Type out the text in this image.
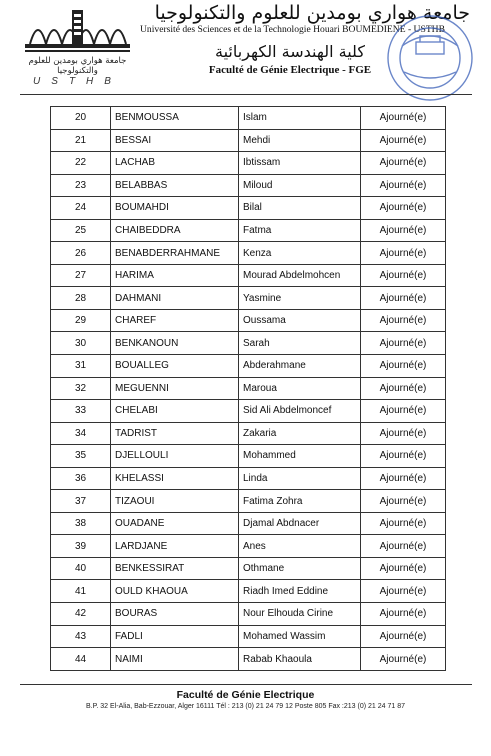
جامعة هواري بومدين للعلوم والتكنولوجيا
USTHB
جامعة هواري بومدين للعلوم والتكنولوجيا
Université des Sciences et de la Technologie Houari BOUMEDIENE - USTHB
كلية الهندسة الكهربائية
Faculté de Génie Electrique - FGE
20	BENMOUSSA	Islam	Ajourné(e)
21	BESSAI	Mehdi	Ajourné(e)
22	LACHAB	Ibtissam	Ajourné(e)
23	BELABBAS	Miloud	Ajourné(e)
24	BOUMAHDI	Bilal	Ajourné(e)
25	CHAIBEDDRA	Fatma	Ajourné(e)
26	BENABDERRAHMANE	Kenza	Ajourné(e)
27	HARIMA	Mourad Abdelmohcen	Ajourné(e)
28	DAHMANI	Yasmine	Ajourné(e)
29	CHAREF	Oussama	Ajourné(e)
30	BENKANOUN	Sarah	Ajourné(e)
31	BOUALLEG	Abderahmane	Ajourné(e)
32	MEGUENNI	Maroua	Ajourné(e)
33	CHELABI	Sid Ali Abdelmoncef	Ajourné(e)
34	TADRIST	Zakaria	Ajourné(e)
35	DJELLOULI	Mohammed	Ajourné(e)
36	KHELASSI	Linda	Ajourné(e)
37	TIZAOUI	Fatima Zohra	Ajourné(e)
38	OUADANE	Djamal Abdnacer	Ajourné(e)
39	LARDJANE	Anes	Ajourné(e)
40	BENKESSIRAT	Othmane	Ajourné(e)
41	OULD KHAOUA	Riadh Imed Eddine	Ajourné(e)
42	BOURAS	Nour Elhouda Cirine	Ajourné(e)
43	FADLI	Mohamed Wassim	Ajourné(e)
44	NAIMI	Rabab Khaoula	Ajourné(e)
Faculté de Génie Electrique
B.P. 32 El-Alia, Bab-Ezzouar, Alger 16111 Tél : 213 (0) 21 24 79 12 Poste 805 Fax :213 (0) 21 24 71 87
